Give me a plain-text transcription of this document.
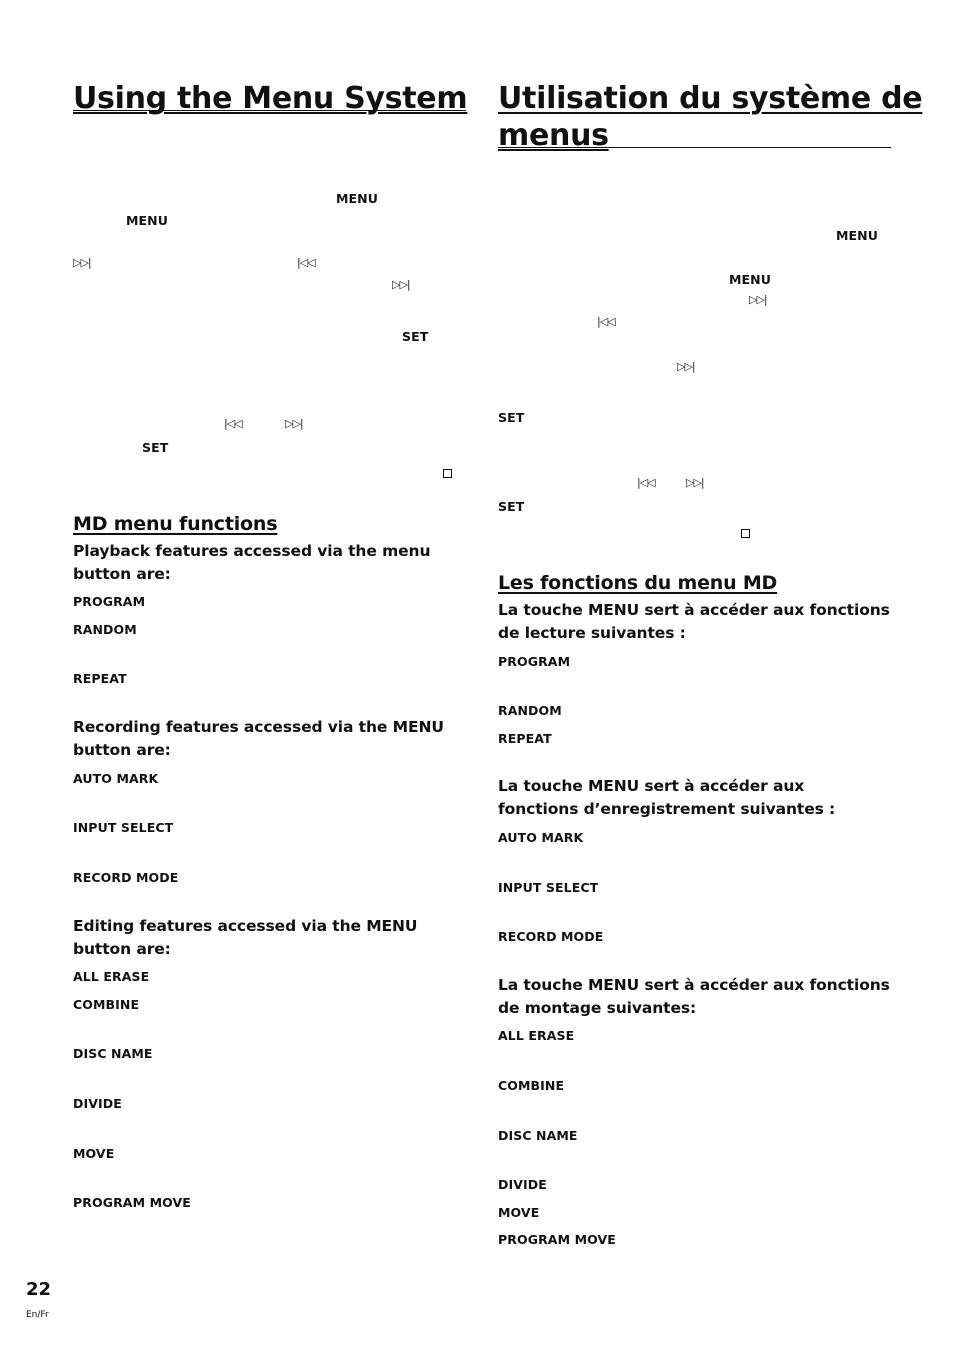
Using the Menu System
MENU
MENU
▷▷|	|◁◁
▷▷|
SET
|◁◁	▷▷|
SET
MD menu functions
Playback features accessed via the menu button are:
PROGRAM
RANDOM
REPEAT
Recording features accessed via the MENU button are:
AUTO MARK
INPUT SELECT
RECORD MODE
Editing features accessed via the MENU button are:
ALL ERASE
COMBINE
DISC NAME
DIVIDE
MOVE
PROGRAM MOVE
Utilisation du système de
menus
MENU
MENU
▷▷|
|◁◁
▷▷|
SET
|◁◁	▷▷|
SET
Les fonctions du menu MD
La touche MENU sert à accéder aux fonctions de lecture suivantes :
PROGRAM
RANDOM
REPEAT
La touche MENU sert à accéder aux fonctions d’enregistrement suivantes :
AUTO MARK
INPUT SELECT
RECORD MODE
La touche MENU sert à accéder aux fonctions de montage suivantes:
ALL ERASE
COMBINE
DISC NAME
DIVIDE
MOVE
PROGRAM MOVE
22
En/Fr
